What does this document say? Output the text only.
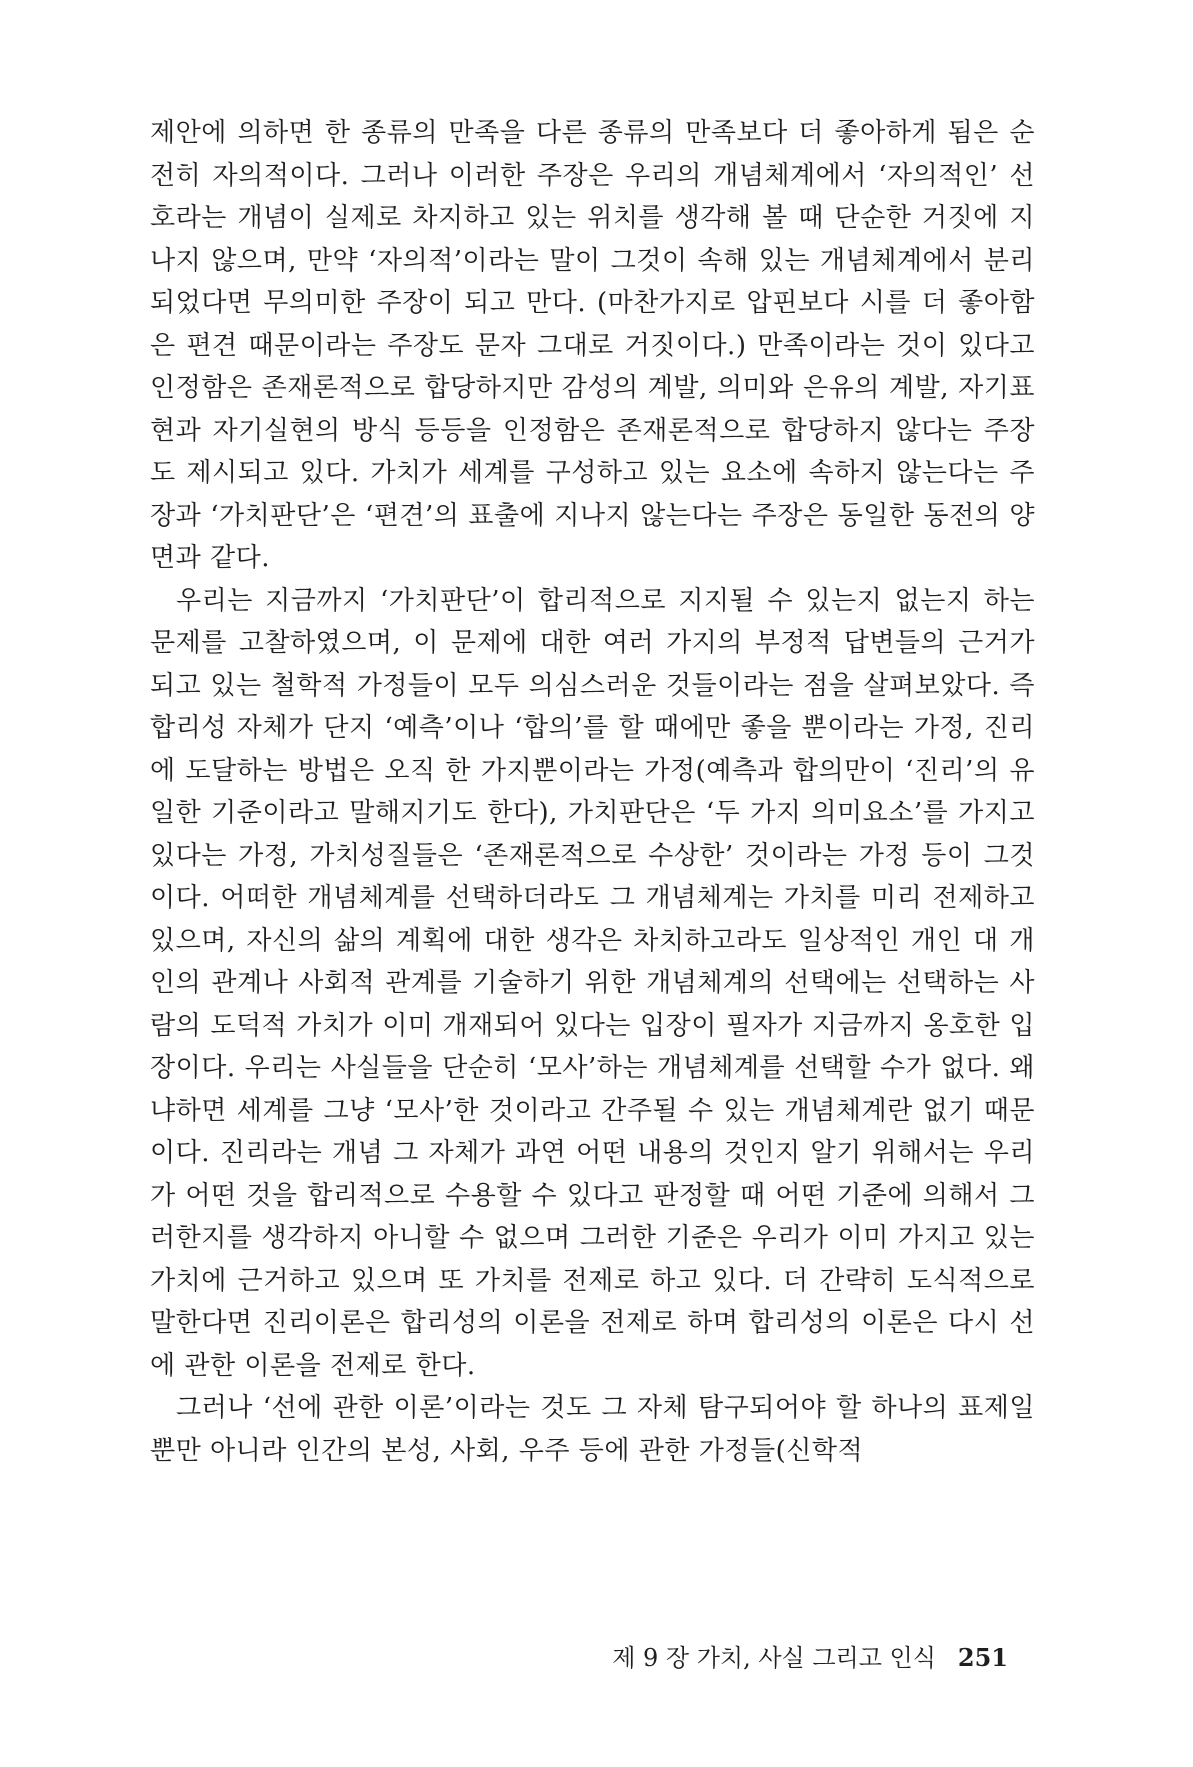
제안에 의하면 한 종류의 만족을 다른 종류의 만족보다 더 좋아하게 됨은 순전히 자의적이다. 그러나 이러한 주장은 우리의 개념체계에서 ‘자의적인’ 선호라는 개념이 실제로 차지하고 있는 위치를 생각해 볼 때 단순한 거짓에 지나지 않으며, 만약 ‘자의적’이라는 말이 그것이 속해 있는 개념체계에서 분리되었다면 무의미한 주장이 되고 만다. (마찬가지로 압핀보다 시를 더 좋아함은 편견 때문이라는 주장도 문자 그대로 거짓이다.) 만족이라는 것이 있다고 인정함은 존재론적으로 합당하지만 감성의 계발, 의미와 은유의 계발, 자기표현과 자기실현의 방식 등등을 인정함은 존재론적으로 합당하지 않다는 주장도 제시되고 있다. 가치가 세계를 구성하고 있는 요소에 속하지 않는다는 주장과 ‘가치판단’은 ‘편견’의 표출에 지나지 않는다는 주장은 동일한 동전의 양면과 같다.

우리는 지금까지 ‘가치판단’이 합리적으로 지지될 수 있는지 없는지 하는 문제를 고찰하였으며, 이 문제에 대한 여러 가지의 부정적 답변들의 근거가 되고 있는 철학적 가정들이 모두 의심스러운 것들이라는 점을 살펴보았다. 즉 합리성 자체가 단지 ‘예측’이나 ‘합의’를 할 때에만 좋을 뿐이라는 가정, 진리에 도달하는 방법은 오직 한 가지뿐이라는 가정(예측과 합의만이 ‘진리’의 유일한 기준이라고 말해지기도 한다), 가치판단은 ‘두 가지 의미요소’를 가지고 있다는 가정, 가치성질들은 ‘존재론적으로 수상한’ 것이라는 가정 등이 그것이다. 어떠한 개념체계를 선택하더라도 그 개념체계는 가치를 미리 전제하고 있으며, 자신의 삶의 계획에 대한 생각은 차치하고라도 일상적인 개인 대 개인의 관계나 사회적 관계를 기술하기 위한 개념체계의 선택에는 선택하는 사람의 도덕적 가치가 이미 개재되어 있다는 입장이 필자가 지금까지 옹호한 입장이다. 우리는 사실들을 단순히 ‘모사’하는 개념체계를 선택할 수가 없다. 왜냐하면 세계를 그냥 ‘모사’한 것이라고 간주될 수 있는 개념체계란 없기 때문이다. 진리라는 개념 그 자체가 과연 어떤 내용의 것인지 알기 위해서는 우리가 어떤 것을 합리적으로 수용할 수 있다고 판정할 때 어떤 기준에 의해서 그러한지를 생각하지 아니할 수 없으며 그러한 기준은 우리가 이미 가지고 있는 가치에 근거하고 있으며 또 가치를 전제로 하고 있다. 더 간략히 도식적으로 말한다면 진리이론은 합리성의 이론을 전제로 하며 합리성의 이론은 다시 선에 관한 이론을 전제로 한다.

그러나 ‘선에 관한 이론’이라는 것도 그 자체 탐구되어야 할 하나의 표제일 뿐만 아니라 인간의 본성, 사회, 우주 등에 관한 가정들(신학적

제 9 장 가치, 사실 그리고 인식 251
